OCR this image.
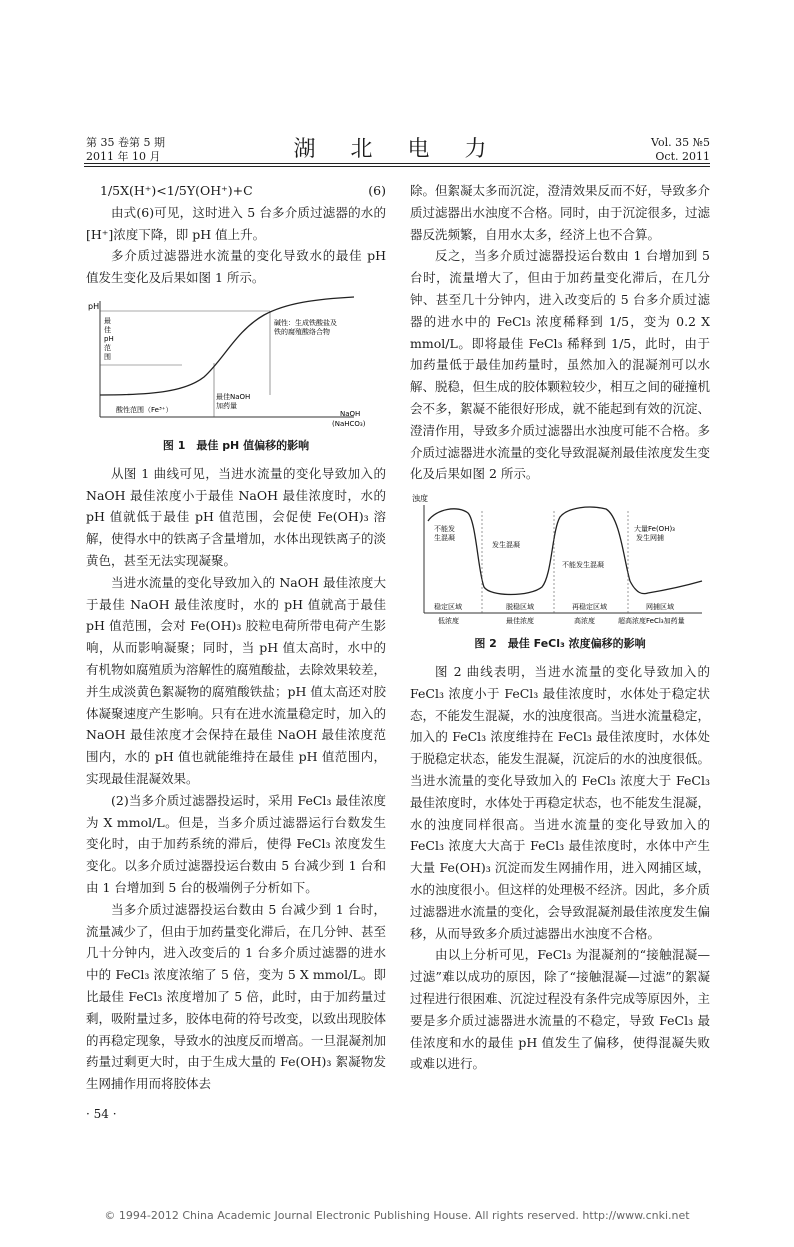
第 35 卷第 5 期
2011 年 10 月	湖 北 电 力	Vol. 35 №5
Oct. 2011

1/5X(H⁺)<1/5Y(OH⁺)+C	(6)

由式(6)可见，这时进入 5 台多介质过滤器的水的[H⁺]浓度下降，即 pH 值上升。

多介质过滤器进水流量的变化导致水的最佳 pH 值发生变化及后果如图 1 所示。

pH
最 佳 pH 范 围
碱性：生成铁酸盐及 铁的腐殖酸络合物
最佳NaOH 加药量
酸性范围（Fe³⁺）	NaOH (NaHCO₃)
图 1　最佳 pH 值偏移的影响

从图 1 曲线可见，当进水流量的变化导致加入的 NaOH 最佳浓度小于最佳 NaOH 最佳浓度时，水的 pH 值就低于最佳 pH 值范围，会促使 Fe(OH)₃ 溶解，使得水中的铁离子含量增加，水体出现铁离子的淡黄色，甚至无法实现凝聚。

当进水流量的变化导致加入的 NaOH 最佳浓度大于最佳 NaOH 最佳浓度时，水的 pH 值就高于最佳 pH 值范围，会对 Fe(OH)₃ 胶粒电荷所带电荷产生影响，从而影响凝聚；同时，当 pH 值太高时，水中的有机物如腐殖质为溶解性的腐殖酸盐，去除效果较差，并生成淡黄色絮凝物的腐殖酸铁盐；pH 值太高还对胶体凝聚速度产生影响。只有在进水流量稳定时，加入的 NaOH 最佳浓度才会保持在最佳 NaOH 最佳浓度范围内，水的 pH 值也就能维持在最佳 pH 值范围内，实现最佳混凝效果。

(2)当多介质过滤器投运时，采用 FeCl₃ 最佳浓度为 X mmol/L。但是，当多介质过滤器运行台数发生变化时，由于加药系统的滞后，使得 FeCl₃ 浓度发生变化。以多介质过滤器投运台数由 5 台减少到 1 台和由 1 台增加到 5 台的极端例子分析如下。

当多介质过滤器投运台数由 5 台减少到 1 台时，流量减少了，但由于加药量变化滞后，在几分钟、甚至几十分钟内，进入改变后的 1 台多介质过滤器的进水中的 FeCl₃ 浓度浓缩了 5 倍，变为 5 X mmol/L。即比最佳 FeCl₃ 浓度增加了 5 倍，此时，由于加药量过剩，吸附量过多，胶体电荷的符号改变，以致出现胶体的再稳定现象，导致水的浊度反而增高。一旦混凝剂加药量过剩更大时，由于生成大量的 Fe(OH)₃ 絮凝物发生网捕作用而将胶体去

除。但絮凝太多而沉淀，澄清效果反而不好，导致多介质过滤器出水浊度不合格。同时，由于沉淀很多，过滤器反洗频繁，自用水太多，经济上也不合算。

反之，当多介质过滤器投运台数由 1 台增加到 5 台时，流量增大了，但由于加药量变化滞后，在几分钟、甚至几十分钟内，进入改变后的 5 台多介质过滤器的进水中的 FeCl₃ 浓度稀释到 1/5，变为 0.2 X mmol/L。即将最佳 FeCl₃ 稀释到 1/5，此时，由于加药量低于最佳加药量时，虽然加入的混凝剂可以水解、脱稳，但生成的胶体颗粒较少，相互之间的碰撞机会不多，絮凝不能很好形成，就不能起到有效的沉淀、澄清作用，导致多介质过滤器出水浊度可能不合格。多介质过滤器进水流量的变化导致混凝剂最佳浓度发生变化及后果如图 2 所示。

浊度
不能发 生混凝
发生混凝
不能发生混凝
大量Fe(OH)₃ 发生网捕
稳定区域	脱稳区域	再稳定区域	网捕区域
低浓度	最佳浓度	高浓度	超高浓度FeCl₃加药量
图 2　最佳 FeCl₃ 浓度偏移的影响

图 2 曲线表明，当进水流量的变化导致加入的 FeCl₃ 浓度小于 FeCl₃ 最佳浓度时，水体处于稳定状态，不能发生混凝，水的浊度很高。当进水流量稳定，加入的 FeCl₃ 浓度维持在 FeCl₃ 最佳浓度时，水体处于脱稳定状态，能发生混凝，沉淀后的水的浊度很低。当进水流量的变化导致加入的 FeCl₃ 浓度大于 FeCl₃ 最佳浓度时，水体处于再稳定状态，也不能发生混凝，水的浊度同样很高。当进水流量的变化导致加入的 FeCl₃ 浓度大大高于 FeCl₃ 最佳浓度时，水体中产生大量 Fe(OH)₃ 沉淀而发生网捕作用，进入网捕区域，水的浊度很小。但这样的处理极不经济。因此，多介质过滤器进水流量的变化，会导致混凝剂最佳浓度发生偏移，从而导致多介质过滤器出水浊度不合格。

由以上分析可见，FeCl₃ 为混凝剂的“接触混凝—过滤”难以成功的原因，除了“接触混凝—过滤”的絮凝过程进行很困难、沉淀过程没有条件完成等原因外，主要是多介质过滤器进水流量的不稳定，导致 FeCl₃ 最佳浓度和水的最佳 pH 值发生了偏移，使得混凝失败或难以进行。

· 54 ·
© 1994-2012 China Academic Journal Electronic Publishing House. All rights reserved. http://www.cnki.net
